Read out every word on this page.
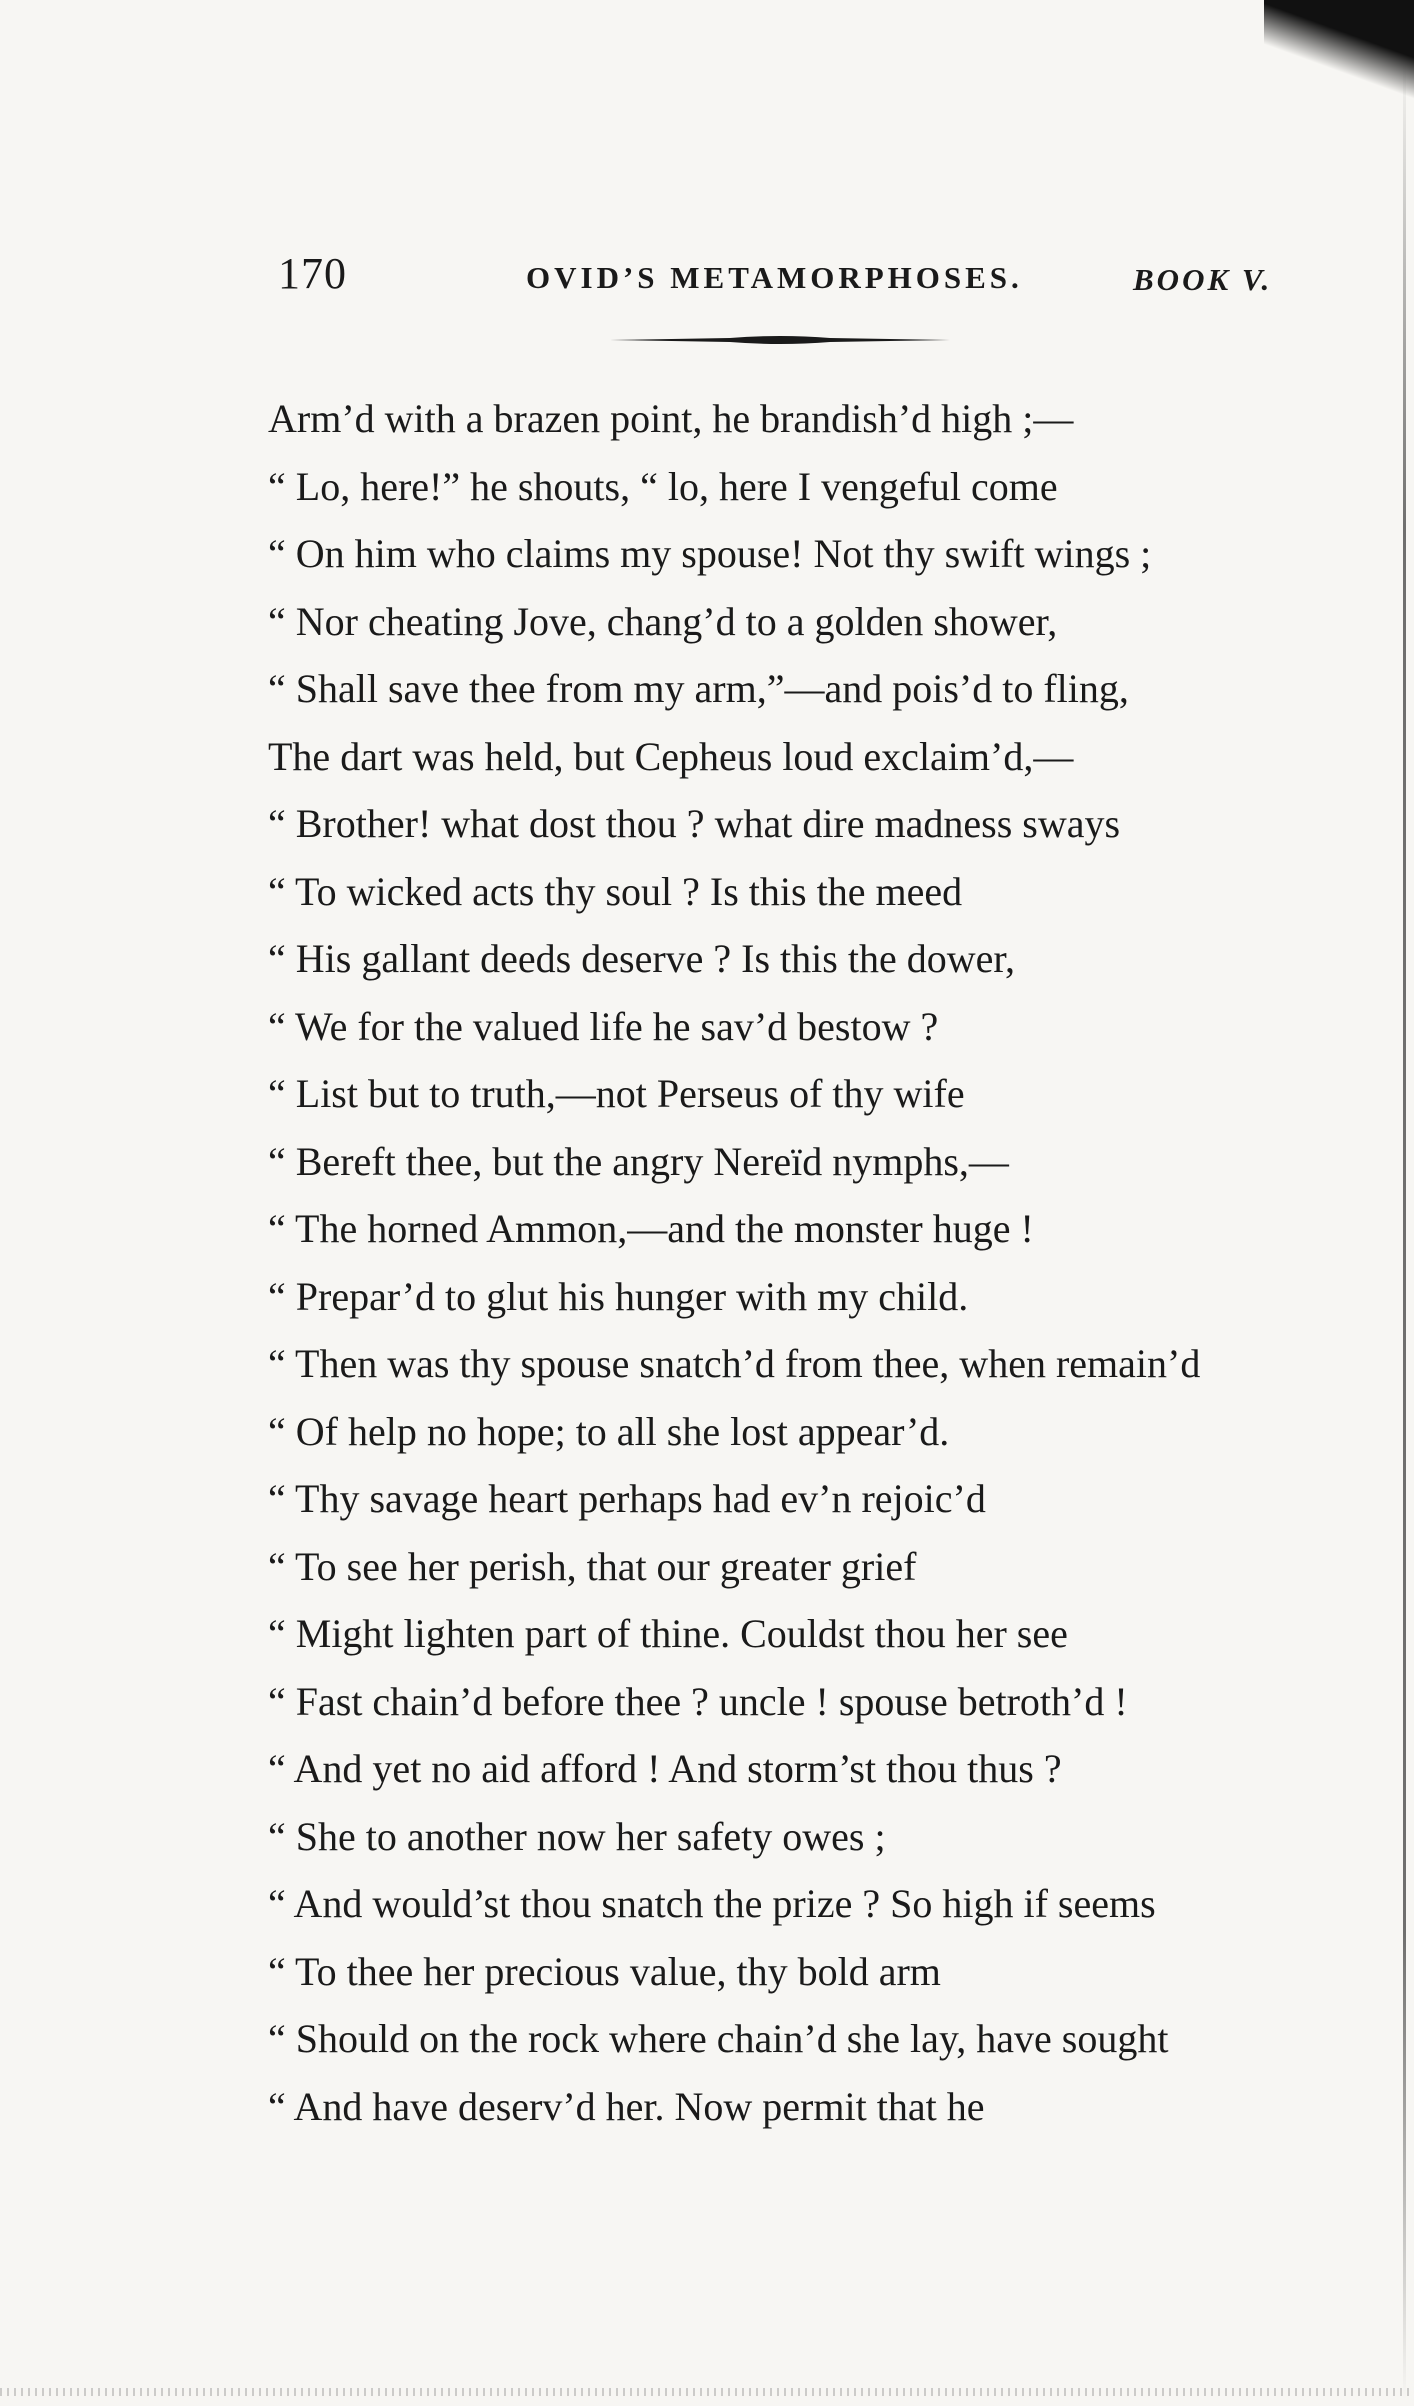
170	OVID’S METAMORPHOSES.	BOOK V.
Arm’d with a brazen point, he brandish’d high ;—
“ Lo, here!” he shouts, “ lo, here I vengeful come
“ On him who claims my spouse! Not thy swift wings ;
“ Nor cheating Jove, chang’d to a golden shower,
“ Shall save thee from my arm,”—and pois’d to fling,
The dart was held, but Cepheus loud exclaim’d,—
“ Brother! what dost thou ? what dire madness sways
“ To wicked acts thy soul ? Is this the meed
“ His gallant deeds deserve ? Is this the dower,
“ We for the valued life he sav’d bestow ?
“ List but to truth,—not Perseus of thy wife
“ Bereft thee, but the angry Nereïd nymphs,—
“ The horned Ammon,—and the monster huge !
“ Prepar’d to glut his hunger with my child.
“ Then was thy spouse snatch’d from thee, when remain’d
“ Of help no hope; to all she lost appear’d.
“ Thy savage heart perhaps had ev’n rejoic’d
“ To see her perish, that our greater grief
“ Might lighten part of thine. Couldst thou her see
“ Fast chain’d before thee ? uncle ! spouse betroth’d !
“ And yet no aid afford ! And storm’st thou thus ?
“ She to another now her safety owes ;
“ And would’st thou snatch the prize ? So high if seems
“ To thee her precious value, thy bold arm
“ Should on the rock where chain’d she lay, have sought
“ And have deserv’d her. Now permit that he
